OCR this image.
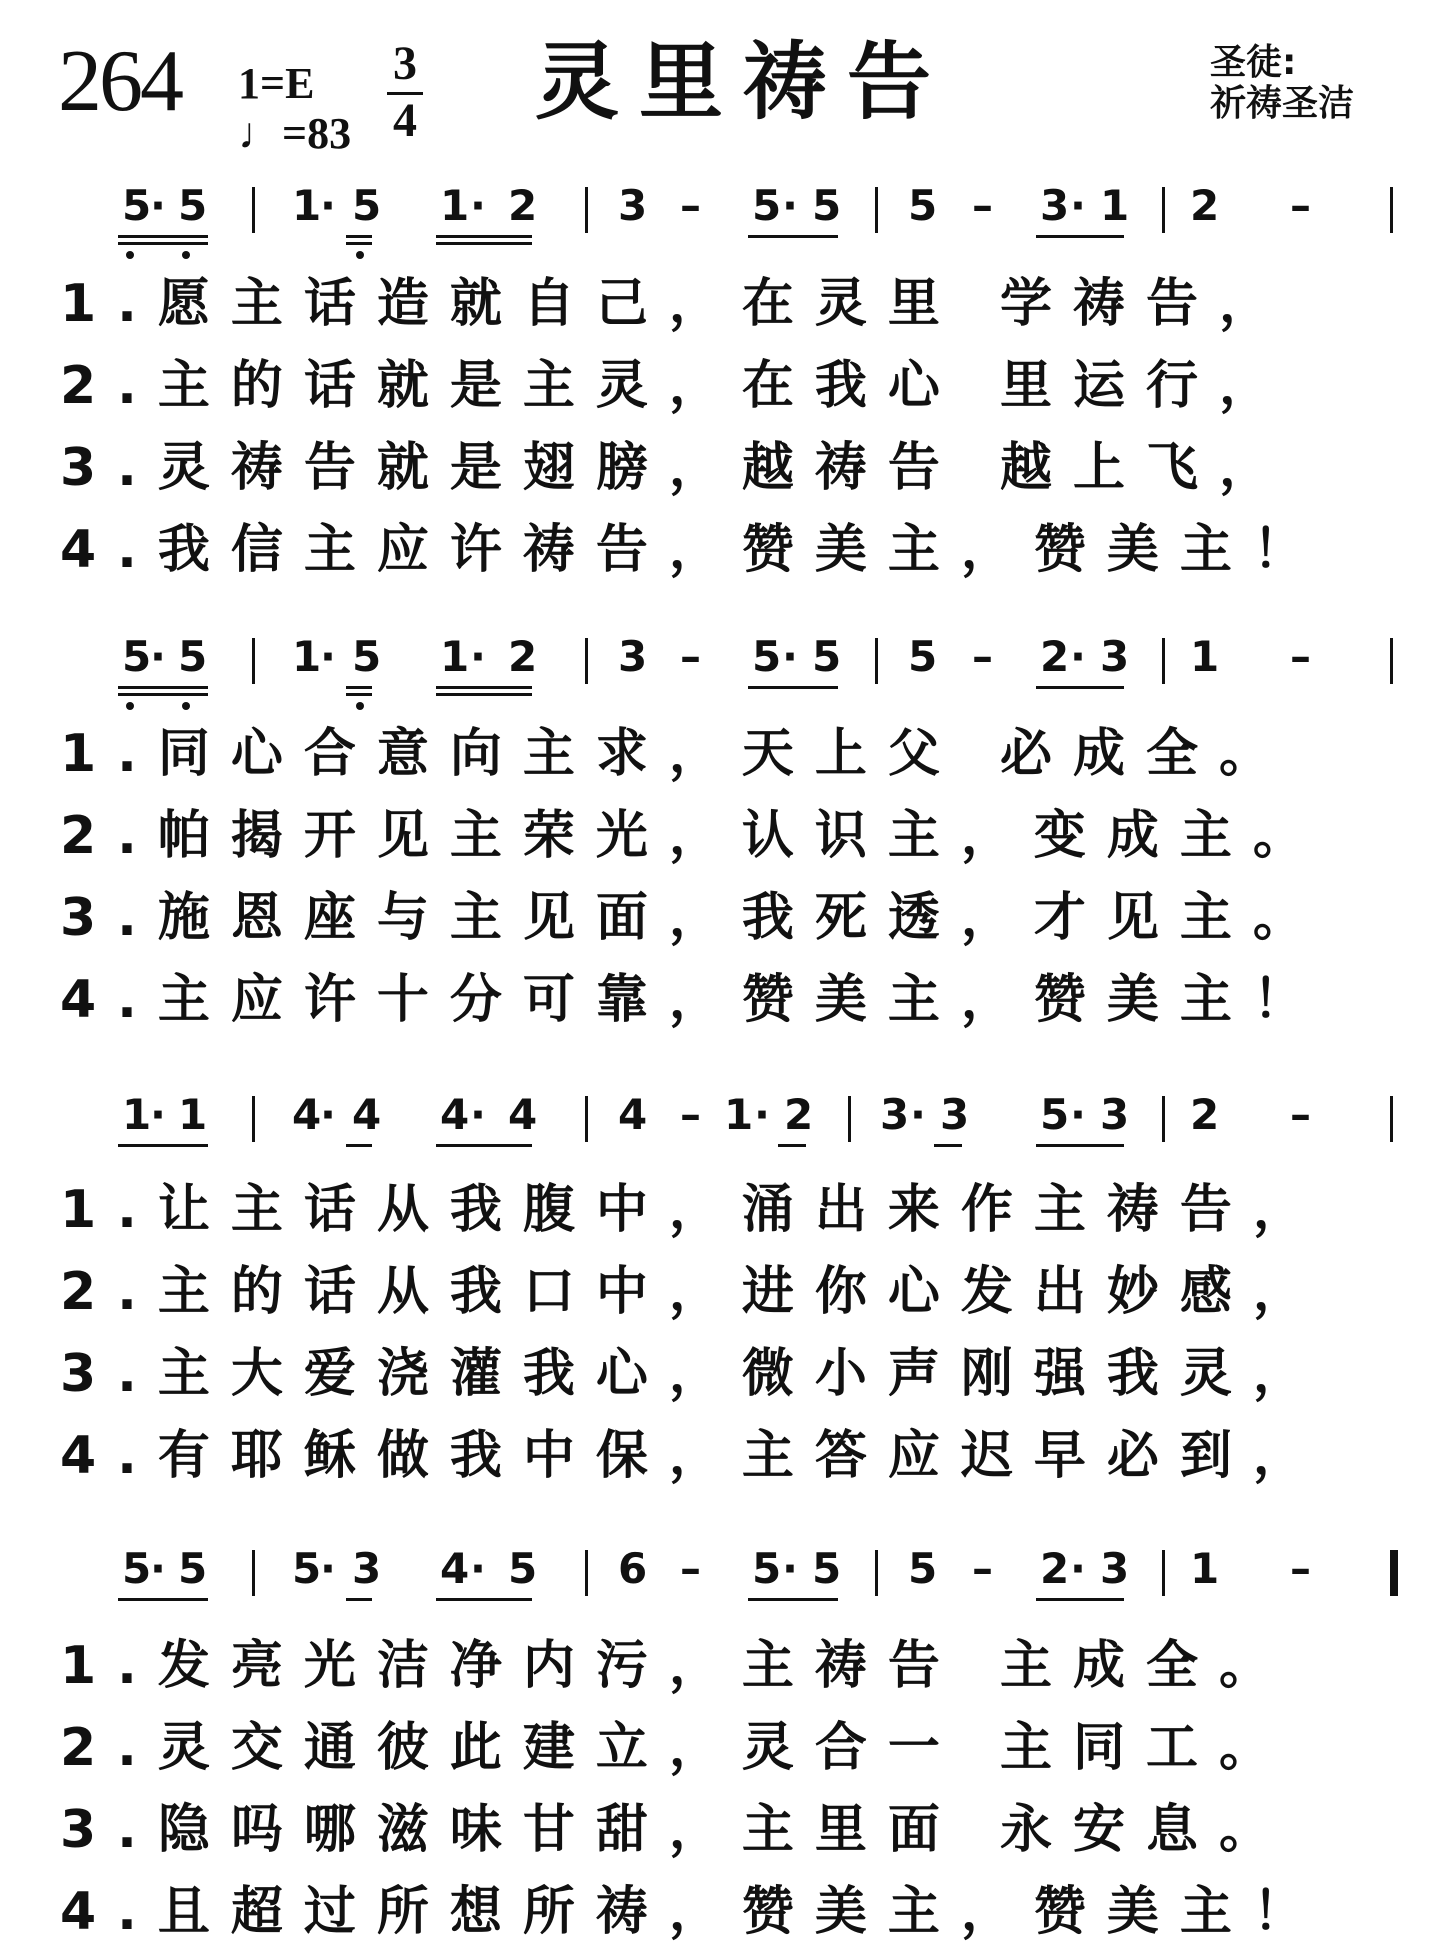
264 1=E
♩=83
3
4 灵里祷告	圣徒:
祈祷圣洁
5
· 5 1
· 5 1 · 2 3 – 5 · 5 5 – 3 · 1 2 –
1.愿主话造就自己，在灵里 学祷告，
2.主的话就是主灵，在我心 里运行，
3.灵祷告就是翅膀，越祷告 越上飞，
4.我信主应许祷告，赞美主，赞美主！
5
· 5 1
· 5 1 · 2 3 – 5 · 5 5 – 2 · 3 1 –
1.同心合意向主求，天上父 必成全。
2.帕揭开见主荣光，认识主，变成主。
3.施恩座与主见面，我死透，才见主。
4.主应许十分可靠，赞美主，赞美主！
1
· 1 4
· 4 4 · 4 4 – 1 · 2 3 · 3 5 · 3 2 –
1.让主话从我腹中，涌出来作主祷告，
2.主的话从我口中，进你心发出妙感，
3.主大爱浇灌我心，微小声刚强我灵，
4.有耶稣做我中保，主答应迟早必到，
5
· 5 5
· 3 4 · 5 6 – 5 · 5 5 – 2 · 3 1 –
1.发亮光洁净内污，主祷告 主成全。
2.灵交通彼此建立，灵合一 主同工。
3.隐吗哪滋味甘甜，主里面 永安息。
4.且超过所想所祷，赞美主，赞美主！
